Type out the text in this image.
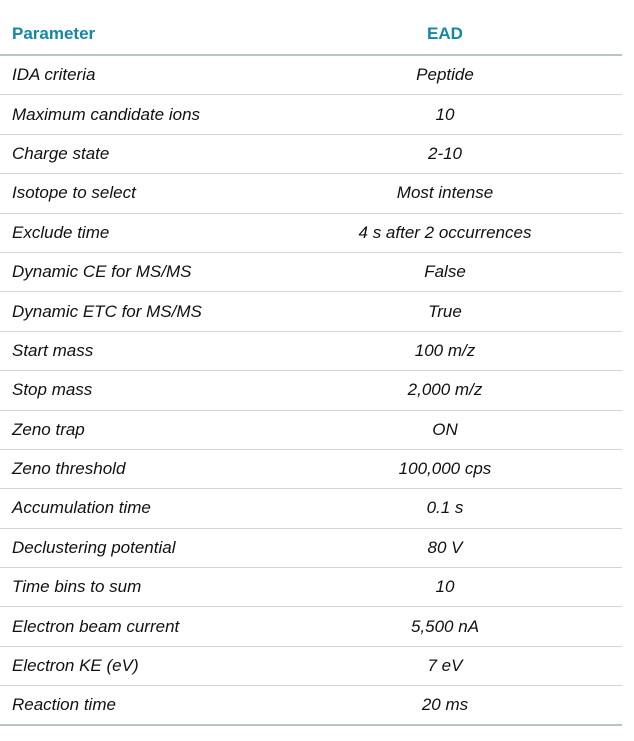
Parameter	EAD
IDA criteria	Peptide
Maximum candidate ions	10
Charge state	2-10
Isotope to select	Most intense
Exclude time	4 s after 2 occurrences
Dynamic CE for MS/MS	False
Dynamic ETC for MS/MS	True
Start mass	100 m/z
Stop mass	2,000 m/z
Zeno trap	ON
Zeno threshold	100,000 cps
Accumulation time	0.1 s
Declustering potential	80 V
Time bins to sum	10
Electron beam current	5,500 nA
Electron KE (eV)	7 eV
Reaction time	20 ms
